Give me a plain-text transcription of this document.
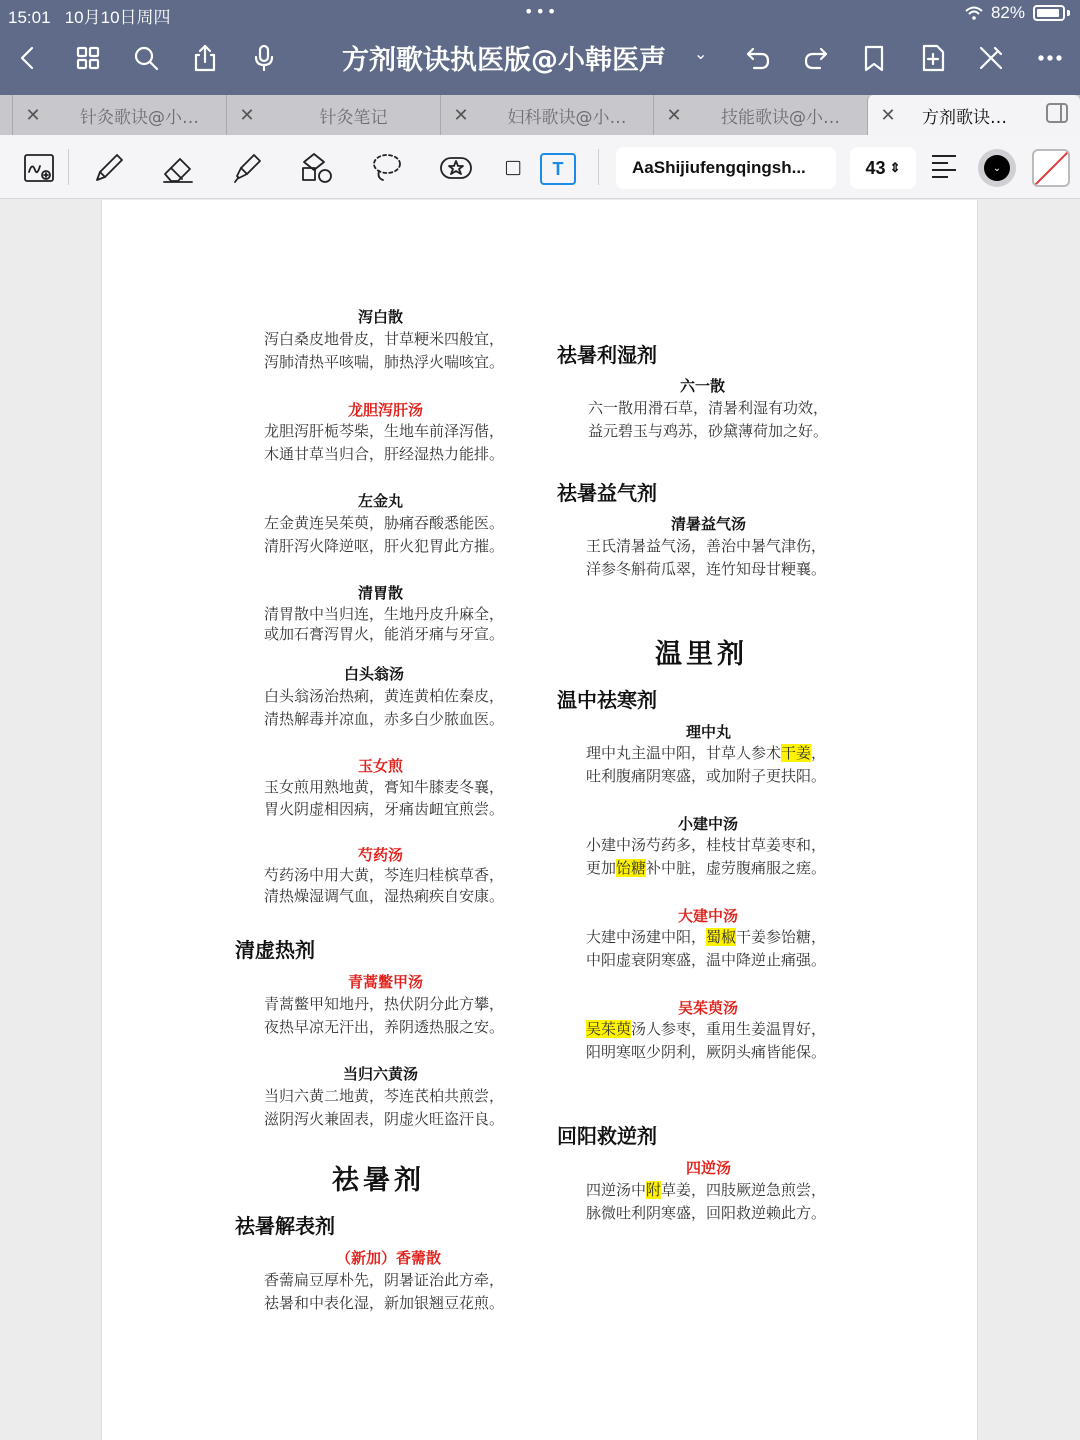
15:01 10月10日周四	•••	82%
方剂歌诀执医版@小韩医声 ⌄
✕	针灸歌诀@小…	✕	针灸笔记	✕	妇科歌诀@小…	✕	技能歌诀@小…	✕	方剂歌诀…
T	AaShijiufengqingsh...	43 ⇕	⌄
泻白散
泻白桑皮地骨皮，甘草粳米四般宜，
泻肺清热平咳喘，肺热浮火喘咳宜。
龙胆泻肝汤
龙胆泻肝栀芩柴，生地车前泽泻偕，
木通甘草当归合，肝经湿热力能排。
左金丸
左金黄连吴茱萸，胁痛吞酸悉能医。
清肝泻火降逆呕，肝火犯胃此方摧。
清胃散
清胃散中当归连，生地丹皮升麻全，
或加石膏泻胃火，能消牙痛与牙宣。
白头翁汤
白头翁汤治热痢，黄连黄柏佐秦皮，
清热解毒并凉血，赤多白少脓血医。
玉女煎
玉女煎用熟地黄，膏知牛膝麦冬襄，
胃火阴虚相因病，牙痛齿衄宜煎尝。
芍药汤
芍药汤中用大黄，芩连归桂槟草香，
清热燥湿调气血，湿热痢疾自安康。
清虚热剂
青蒿鳖甲汤
青蒿鳖甲知地丹，热伏阴分此方攀，
夜热早凉无汗出，养阴透热服之安。
当归六黄汤
当归六黄二地黄，芩连芪柏共煎尝，
滋阴泻火兼固表，阴虚火旺盗汗良。
祛暑剂
祛暑解表剂
（新加）香薷散
香薷扁豆厚朴先，阴暑证治此方牵，
祛暑和中表化湿，新加银翘豆花煎。
祛暑利湿剂
六一散
六一散用滑石草，清暑利湿有功效，
益元碧玉与鸡苏，砂黛薄荷加之好。
祛暑益气剂
清暑益气汤
王氏清暑益气汤，善治中暑气津伤，
洋参冬斛荷瓜翠，连竹知母甘粳襄。
温里剂
温中祛寒剂
理中丸
理中丸主温中阳，甘草人参术干姜，
吐利腹痛阴寒盛，或加附子更扶阳。
小建中汤
小建中汤芍药多，桂枝甘草姜枣和，
更加饴糖补中脏，虚劳腹痛服之瘥。
大建中汤
大建中汤建中阳，蜀椒干姜参饴糖，
中阳虚衰阴寒盛，温中降逆止痛强。
吴茱萸汤
吴茱萸汤人参枣，重用生姜温胃好，
阳明寒呕少阴利，厥阴头痛皆能保。
回阳救逆剂
四逆汤
四逆汤中附草姜，四肢厥逆急煎尝，
脉微吐利阴寒盛，回阳救逆赖此方。
